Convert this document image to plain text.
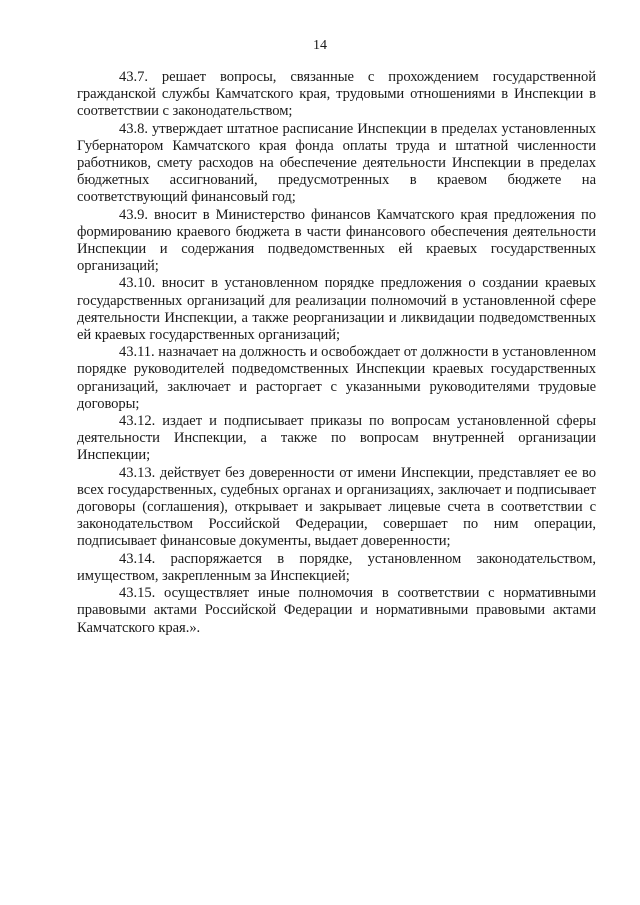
14

43.7. решает вопросы, связанные с прохождением государственной гражданской службы Камчатского края, трудовыми отношениями в Инспекции в соответствии с законодательством;

43.8. утверждает штатное расписание Инспекции в пределах установленных Губернатором Камчатского края фонда оплаты труда и штатной численности работников, смету расходов на обеспечение деятельности Инспекции в пределах бюджетных ассигнований, предусмотренных в краевом бюджете на соответствующий финансовый год;

43.9. вносит в Министерство финансов Камчатского края предложения по формированию краевого бюджета в части финансового обеспечения деятельности Инспекции и содержания подведомственных ей краевых государственных организаций;

43.10. вносит в установленном порядке предложения о создании краевых государственных организаций для реализации полномочий в установленной сфере деятельности Инспекции, а также реорганизации и ликвидации подведомственных ей краевых государственных организаций;

43.11. назначает на должность и освобождает от должности в установленном порядке руководителей подведомственных Инспекции краевых государственных организаций, заключает и расторгает с указанными руководителями трудовые договоры;

43.12. издает и подписывает приказы по вопросам установленной сферы деятельности Инспекции, а также по вопросам внутренней организации Инспекции;

43.13. действует без доверенности от имени Инспекции, представляет ее во всех государственных, судебных органах и организациях, заключает и подписывает договоры (соглашения), открывает и закрывает лицевые счета в соответствии с законодательством Российской Федерации, совершает по ним операции, подписывает финансовые документы, выдает доверенности;

43.14. распоряжается в порядке, установленном законодательством, имуществом, закрепленным за Инспекцией;

43.15. осуществляет иные полномочия в соответствии с нормативными правовыми актами Российской Федерации и нормативными правовыми актами Камчатского края.».
